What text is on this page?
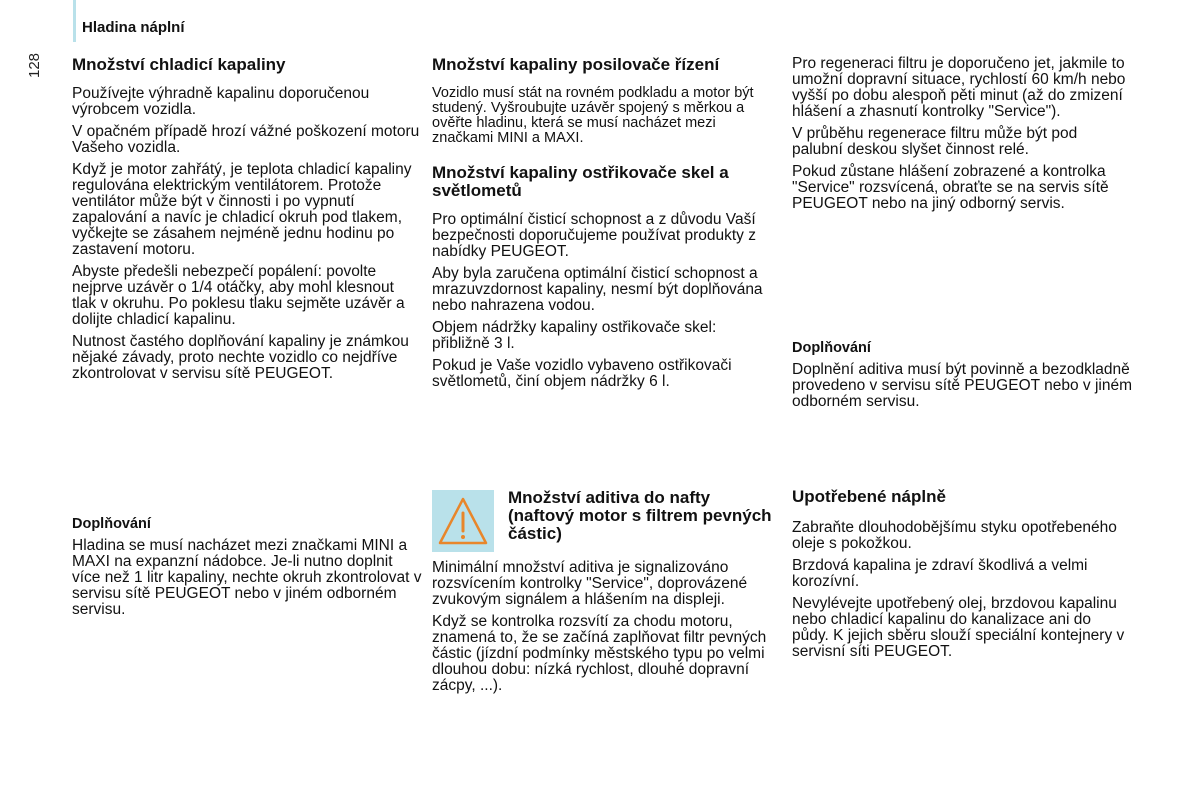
Hladina náplní
128 Množství chladicí kapaliny

Používejte výhradně kapalinu doporučenou výrobcem vozidla.

V opačném případě hrozí vážné poškození motoru Vašeho vozidla.

Když je motor zahřátý, je teplota chladicí kapaliny regulována elektrickým ventilátorem. Protože ventilátor může být v činnosti i po vypnutí zapalování a navíc je chladicí okruh pod tlakem, vyčkejte se zásahem nejméně jednu hodinu po zastavení motoru.

Abyste předešli nebezpečí popálení: povolte nejprve uzávěr o 1/4 otáčky, aby mohl klesnout tlak v okruhu. Po poklesu tlaku sejměte uzávěr a dolijte chladicí kapalinu.

Nutnost častého doplňování kapaliny je známkou nějaké závady, proto nechte vozidlo co nejdříve zkontrolovat v servisu sítě PEUGEOT.

Doplňování

Hladina se musí nacházet mezi značkami MINI a MAXI na expanzní nádobce. Je-li nutno doplnit více než 1 litr kapaliny, nechte okruh zkontrolovat v servisu sítě PEUGEOT nebo v jiném odborném servisu.

Množství kapaliny posilovače řízení

Vozidlo musí stát na rovném podkladu a motor být studený. Vyšroubujte uzávěr spojený s měrkou a ověřte hladinu, která se musí nacházet mezi značkami MINI a MAXI.

Množství kapaliny ostřikovače skel a světlometů

Pro optimální čisticí schopnost a z důvodu Vaší bezpečnosti doporučujeme používat produkty z nabídky PEUGEOT.

Aby byla zaručena optimální čisticí schopnost a mrazuvzdornost kapaliny, nesmí být doplňována nebo nahrazena vodou.

Objem nádržky kapaliny ostřikovače skel: přibližně 3 l.

Pokud je Vaše vozidlo vybaveno ostřikovači světlometů, činí objem nádržky 6 l.

Množství aditiva do nafty (naftový motor s filtrem pevných částic)

Minimální množství aditiva je signalizováno rozsvícením kontrolky "Service", doprovázené zvukovým signálem a hlášením na displeji.

Když se kontrolka rozsvítí za chodu motoru, znamená to, že se začíná zaplňovat filtr pevných částic (jízdní podmínky městského typu po velmi dlouhou dobu: nízká rychlost, dlouhé dopravní zácpy, ...).

Pro regeneraci filtru je doporučeno jet, jakmile to umožní dopravní situace, rychlostí 60 km/h nebo vyšší po dobu alespoň pěti minut (až do zmizení hlášení a zhasnutí kontrolky "Service").

V průběhu regenerace filtru může být pod palubní deskou slyšet činnost relé.

Pokud zůstane hlášení zobrazené a kontrolka "Service" rozsvícená, obraťte se na servis sítě PEUGEOT nebo na jiný odborný servis.

Doplňování

Doplnění aditiva musí být povinně a bezodkladně provedeno v servisu sítě PEUGEOT nebo v jiném odborném servisu.

Upotřebené náplně

Zabraňte dlouhodobějšímu styku opotřebeného oleje s pokožkou.

Brzdová kapalina je zdraví škodlivá a velmi korozívní.

Nevylévejte upotřebený olej, brzdovou kapalinu nebo chladicí kapalinu do kanalizace ani do půdy. K jejich sběru slouží speciální kontejnery v servisní síti PEUGEOT.
